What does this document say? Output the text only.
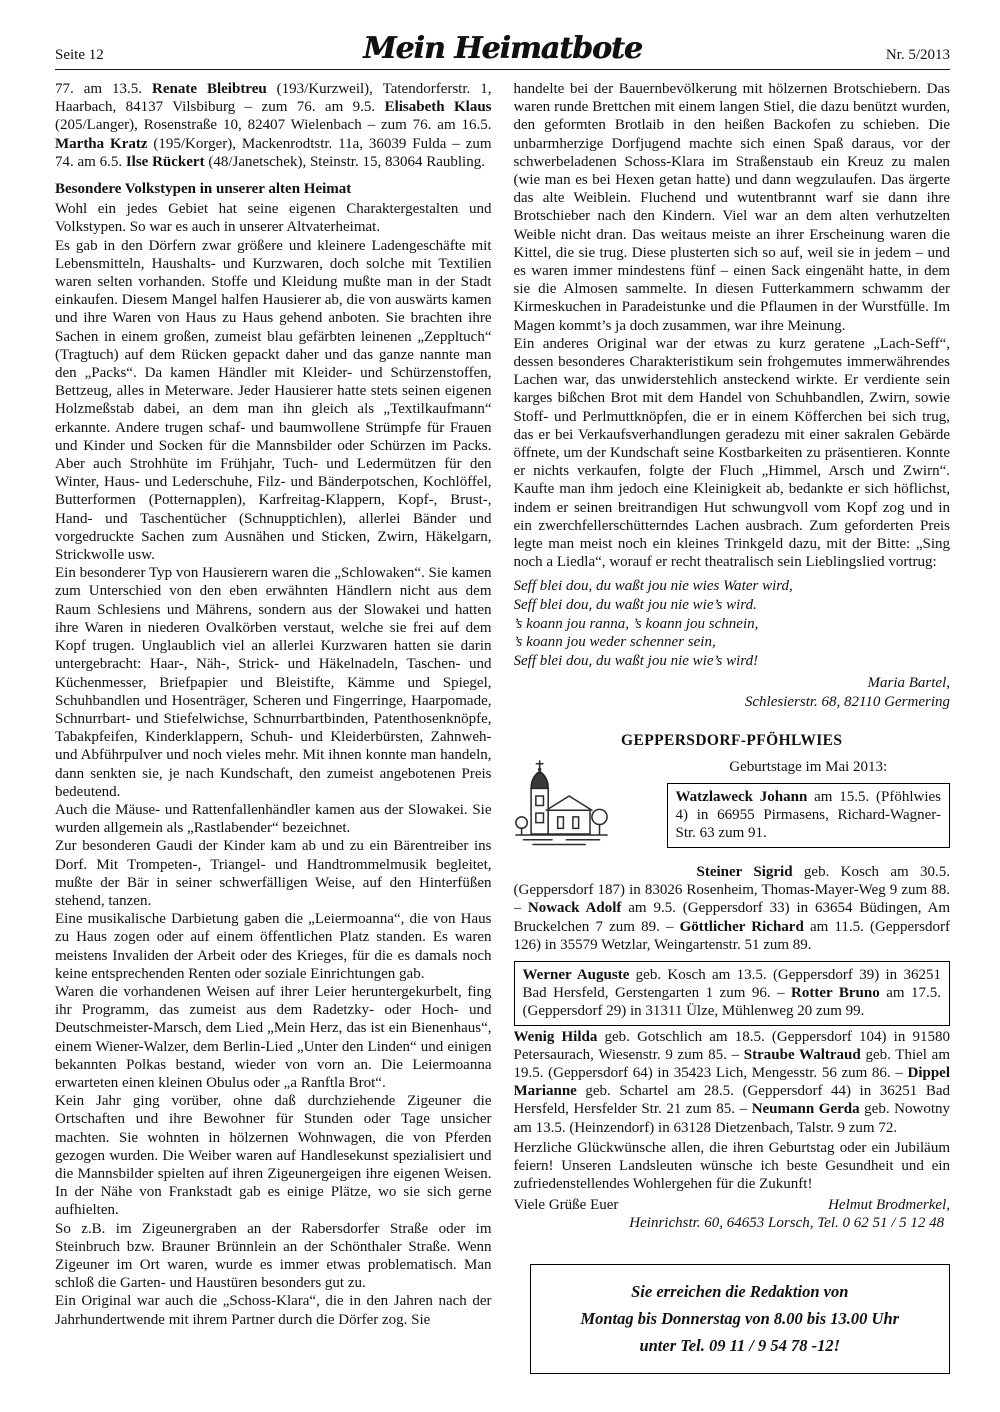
Seite 12	Mein Heimatbote	Nr. 5/2013

77. am 13.5. Renate Bleibtreu (193/Kurzweil), Tatendorferstr. 1, Haarbach, 84137 Vilsbiburg – zum 76. am 9.5. Elisabeth Klaus (205/Langer), Rosenstraße 10, 82407 Wielenbach – zum 76. am 16.5. Martha Kratz (195/Korger), Mackenrodtstr. 11a, 36039 Fulda – zum 74. am 6.5. Ilse Rückert (48/Janetschek), Steinstr. 15, 83064 Raubling.

Besondere Volkstypen in unserer alten Heimat

Wohl ein jedes Gebiet hat seine eigenen Charaktergestalten und Volkstypen. So war es auch in unserer Altvaterheimat.

Es gab in den Dörfern zwar größere und kleinere Ladengeschäfte mit Lebensmitteln, Haushalts- und Kurzwaren, doch solche mit Textilien waren selten vorhanden. Stoffe und Kleidung mußte man in der Stadt einkaufen. Diesem Mangel halfen Hausierer ab, die von auswärts kamen und ihre Waren von Haus zu Haus gehend anboten. Sie brachten ihre Sachen in einem großen, zumeist blau gefärbten leinenen „Zeppltuch“ (Tragtuch) auf dem Rücken gepackt daher und das ganze nannte man den „Packs“. Da kamen Händler mit Kleider- und Schürzenstoffen, Bettzeug, alles in Meterware. Jeder Hausierer hatte stets seinen eigenen Holzmeßstab dabei, an dem man ihn gleich als „Textilkaufmann“ erkannte. Andere trugen schaf- und baumwollene Strümpfe für Frauen und Kinder und Socken für die Mannsbilder oder Schürzen im Packs. Aber auch Strohhüte im Frühjahr, Tuch- und Ledermützen für den Winter, Haus- und Lederschuhe, Filz- und Bänderpotschen, Kochlöffel, Butterformen (Potternapplen), Karfreitag-Klappern, Kopf-, Brust-, Hand- und Taschentücher (Schnupptichlen), allerlei Bänder und vorgedruckte Sachen zum Ausnähen und Sticken, Zwirn, Häkelgarn, Strickwolle usw.

Ein besonderer Typ von Hausierern waren die „Schlowaken“. Sie kamen zum Unterschied von den eben erwähnten Händlern nicht aus dem Raum Schlesiens und Mährens, sondern aus der Slowakei und hatten ihre Waren in niederen Ovalkörben verstaut, welche sie frei auf dem Kopf trugen. Unglaublich viel an allerlei Kurzwaren hatten sie darin untergebracht: Haar-, Näh-, Strick- und Häkelnadeln, Taschen- und Küchenmesser, Briefpapier und Bleistifte, Kämme und Spiegel, Schuhbandlen und Hosenträger, Scheren und Fingerringe, Haarpomade, Schnurrbart- und Stiefelwichse, Schnurrbartbinden, Patenthosenknöpfe, Tabakpfeifen, Kinderklappern, Schuh- und Kleiderbürsten, Zahnweh- und Abführpulver und noch vieles mehr. Mit ihnen konnte man handeln, dann senkten sie, je nach Kundschaft, den zumeist angebotenen Preis bedeutend.

Auch die Mäuse- und Rattenfallenhändler kamen aus der Slowakei. Sie wurden allgemein als „Rastlabender“ bezeichnet.

Zur besonderen Gaudi der Kinder kam ab und zu ein Bärentreiber ins Dorf. Mit Trompeten-, Triangel- und Handtrommelmusik begleitet, mußte der Bär in seiner schwerfälligen Weise, auf den Hinterfüßen stehend, tanzen.

Eine musikalische Darbietung gaben die „Leiermoanna“, die von Haus zu Haus zogen oder auf einem öffentlichen Platz standen. Es waren meistens Invaliden der Arbeit oder des Krieges, für die es damals noch keine entsprechenden Renten oder soziale Einrichtungen gab.

Waren die vorhandenen Weisen auf ihrer Leier heruntergekurbelt, fing ihr Programm, das zumeist aus dem Radetzky- oder Hoch- und Deutschmeister-Marsch, dem Lied „Mein Herz, das ist ein Bienenhaus“, einem Wiener-Walzer, dem Berlin-Lied „Unter den Linden“ und einigen bekannten Polkas bestand, wieder von vorn an. Die Leiermoanna erwarteten einen kleinen Obulus oder „a Ranftla Brot“.

Kein Jahr ging vorüber, ohne daß durchziehende Zigeuner die Ortschaften und ihre Bewohner für Stunden oder Tage unsicher machten. Sie wohnten in hölzernen Wohnwagen, die von Pferden gezogen wurden. Die Weiber waren auf Handlesekunst spezialisiert und die Mannsbilder spielten auf ihren Zigeunergeigen ihre eigenen Weisen. In der Nähe von Frankstadt gab es einige Plätze, wo sie sich gerne aufhielten.

So z.B. im Zigeunergraben an der Rabersdorfer Straße oder im Steinbruch bzw. Brauner Brünnlein an der Schönthaler Straße. Wenn Zigeuner im Ort waren, wurde es immer etwas problematisch. Man schloß die Garten- und Haustüren besonders gut zu.

Ein Original war auch die „Schoss-Klara“, die in den Jahren nach der Jahrhundertwende mit ihrem Partner durch die Dörfer zog. Sie

handelte bei der Bauernbevölkerung mit hölzernen Brotschiebern. Das waren runde Brettchen mit einem langen Stiel, die dazu benützt wurden, den geformten Brotlaib in den heißen Backofen zu schieben. Die unbarmherzige Dorfjugend machte sich einen Spaß daraus, vor der schwerbeladenen Schoss-Klara im Straßenstaub ein Kreuz zu malen (wie man es bei Hexen getan hatte) und dann wegzulaufen. Das ärgerte das alte Weiblein. Fluchend und wutentbrannt warf sie dann ihre Brotschieber nach den Kindern. Viel war an dem alten verhutzelten Weible nicht dran. Das weitaus meiste an ihrer Erscheinung waren die Kittel, die sie trug. Diese plusterten sich so auf, weil sie in jedem – und es waren immer mindestens fünf – einen Sack eingenäht hatte, in dem sie die Almosen sammelte. In diesen Futterkammern schwamm der Kirmeskuchen in Paradeistunke und die Pflaumen in der Wurstfülle. Im Magen kommt’s ja doch zusammen, war ihre Meinung.

Ein anderes Original war der etwas zu kurz geratene „Lach-Seff“, dessen besonderes Charakteristikum sein frohgemutes immerwährendes Lachen war, das unwiderstehlich ansteckend wirkte. Er verdiente sein karges bißchen Brot mit dem Handel von Schuhbandlen, Zwirn, sowie Stoff- und Perlmuttknöpfen, die er in einem Köfferchen bei sich trug, das er bei Verkaufsverhandlungen geradezu mit einer sakralen Gebärde öffnete, um der Kundschaft seine Kostbarkeiten zu präsentieren. Konnte er nichts verkaufen, folgte der Fluch „Himmel, Arsch und Zwirn“. Kaufte man ihm jedoch eine Kleinigkeit ab, bedankte er sich höflichst, indem er seinen breitrandigen Hut schwungvoll vom Kopf zog und in ein zwerchfellerschütterndes Lachen ausbrach. Zum geforderten Preis legte man meist noch ein kleines Trinkgeld dazu, mit der Bitte: „Sing noch a Liedla“, worauf er recht theatralisch sein Lieblingslied vortrug:

Seff blei dou, du waßt jou nie wies Water wird,
Seff blei dou, du waßt jou nie wie’s wird.
’s koann jou ranna, ’s koann jou schnein,
’s koann jou weder schenner sein,
Seff blei dou, du waßt jou nie wie’s wird!
Maria Bartel,
Schlesierstr. 68, 82110 Germering
GEPPERSDORF-PFÖHLWIES
Geburtstage im Mai 2013:
Watzlaweck Johann am 15.5. (Pföhlwies 4) in 66955 Pirmasens, Richard-Wagner-Str. 63 zum 91.

Steiner Sigrid geb. Kosch am 30.5. (Geppersdorf 187) in 83026 Rosenheim, Thomas-Mayer-Weg 9 zum 88. – Nowack Adolf am 9.5. (Geppersdorf 33) in 63654 Büdingen, Am Bruckelchen 7 zum 89. – Göttlicher Richard am 11.5. (Geppersdorf 126) in 35579 Wetzlar, Weingartenstr. 51 zum 89.

Werner Auguste geb. Kosch am 13.5. (Geppersdorf 39) in 36251 Bad Hersfeld, Gerstengarten 1 zum 96. – Rotter Bruno am 17.5. (Geppersdorf 29) in 31311 Ülze, Mühlenweg 20 zum 99.

Wenig Hilda geb. Gotschlich am 18.5. (Geppersdorf 104) in 91580 Petersaurach, Wiesenstr. 9 zum 85. – Straube Waltraud geb. Thiel am 19.5. (Geppersdorf 64) in 35423 Lich, Mengesstr. 56 zum 86. – Dippel Marianne geb. Schartel am 28.5. (Geppersdorf 44) in 36251 Bad Hersfeld, Hersfelder Str. 21 zum 85. – Neumann Gerda geb. Nowotny am 13.5. (Heinzendorf) in 63128 Dietzenbach, Talstr. 9 zum 72.

Herzliche Glückwünsche allen, die ihren Geburtstag oder ein Jubiläum feiern! Unseren Landsleuten wünsche ich beste Gesundheit und ein zufriedenstellendes Wohlergehen für die Zukunft!

Viele Grüße Euer	Helmut Brodmerkel,
Heinrichstr. 60, 64653 Lorsch, Tel. 0 62 51 / 5 12 48
Sie erreichen die Redaktion von
Montag bis Donnerstag von 8.00 bis 13.00 Uhr
unter Tel. 09 11 / 9 54 78 -12!
